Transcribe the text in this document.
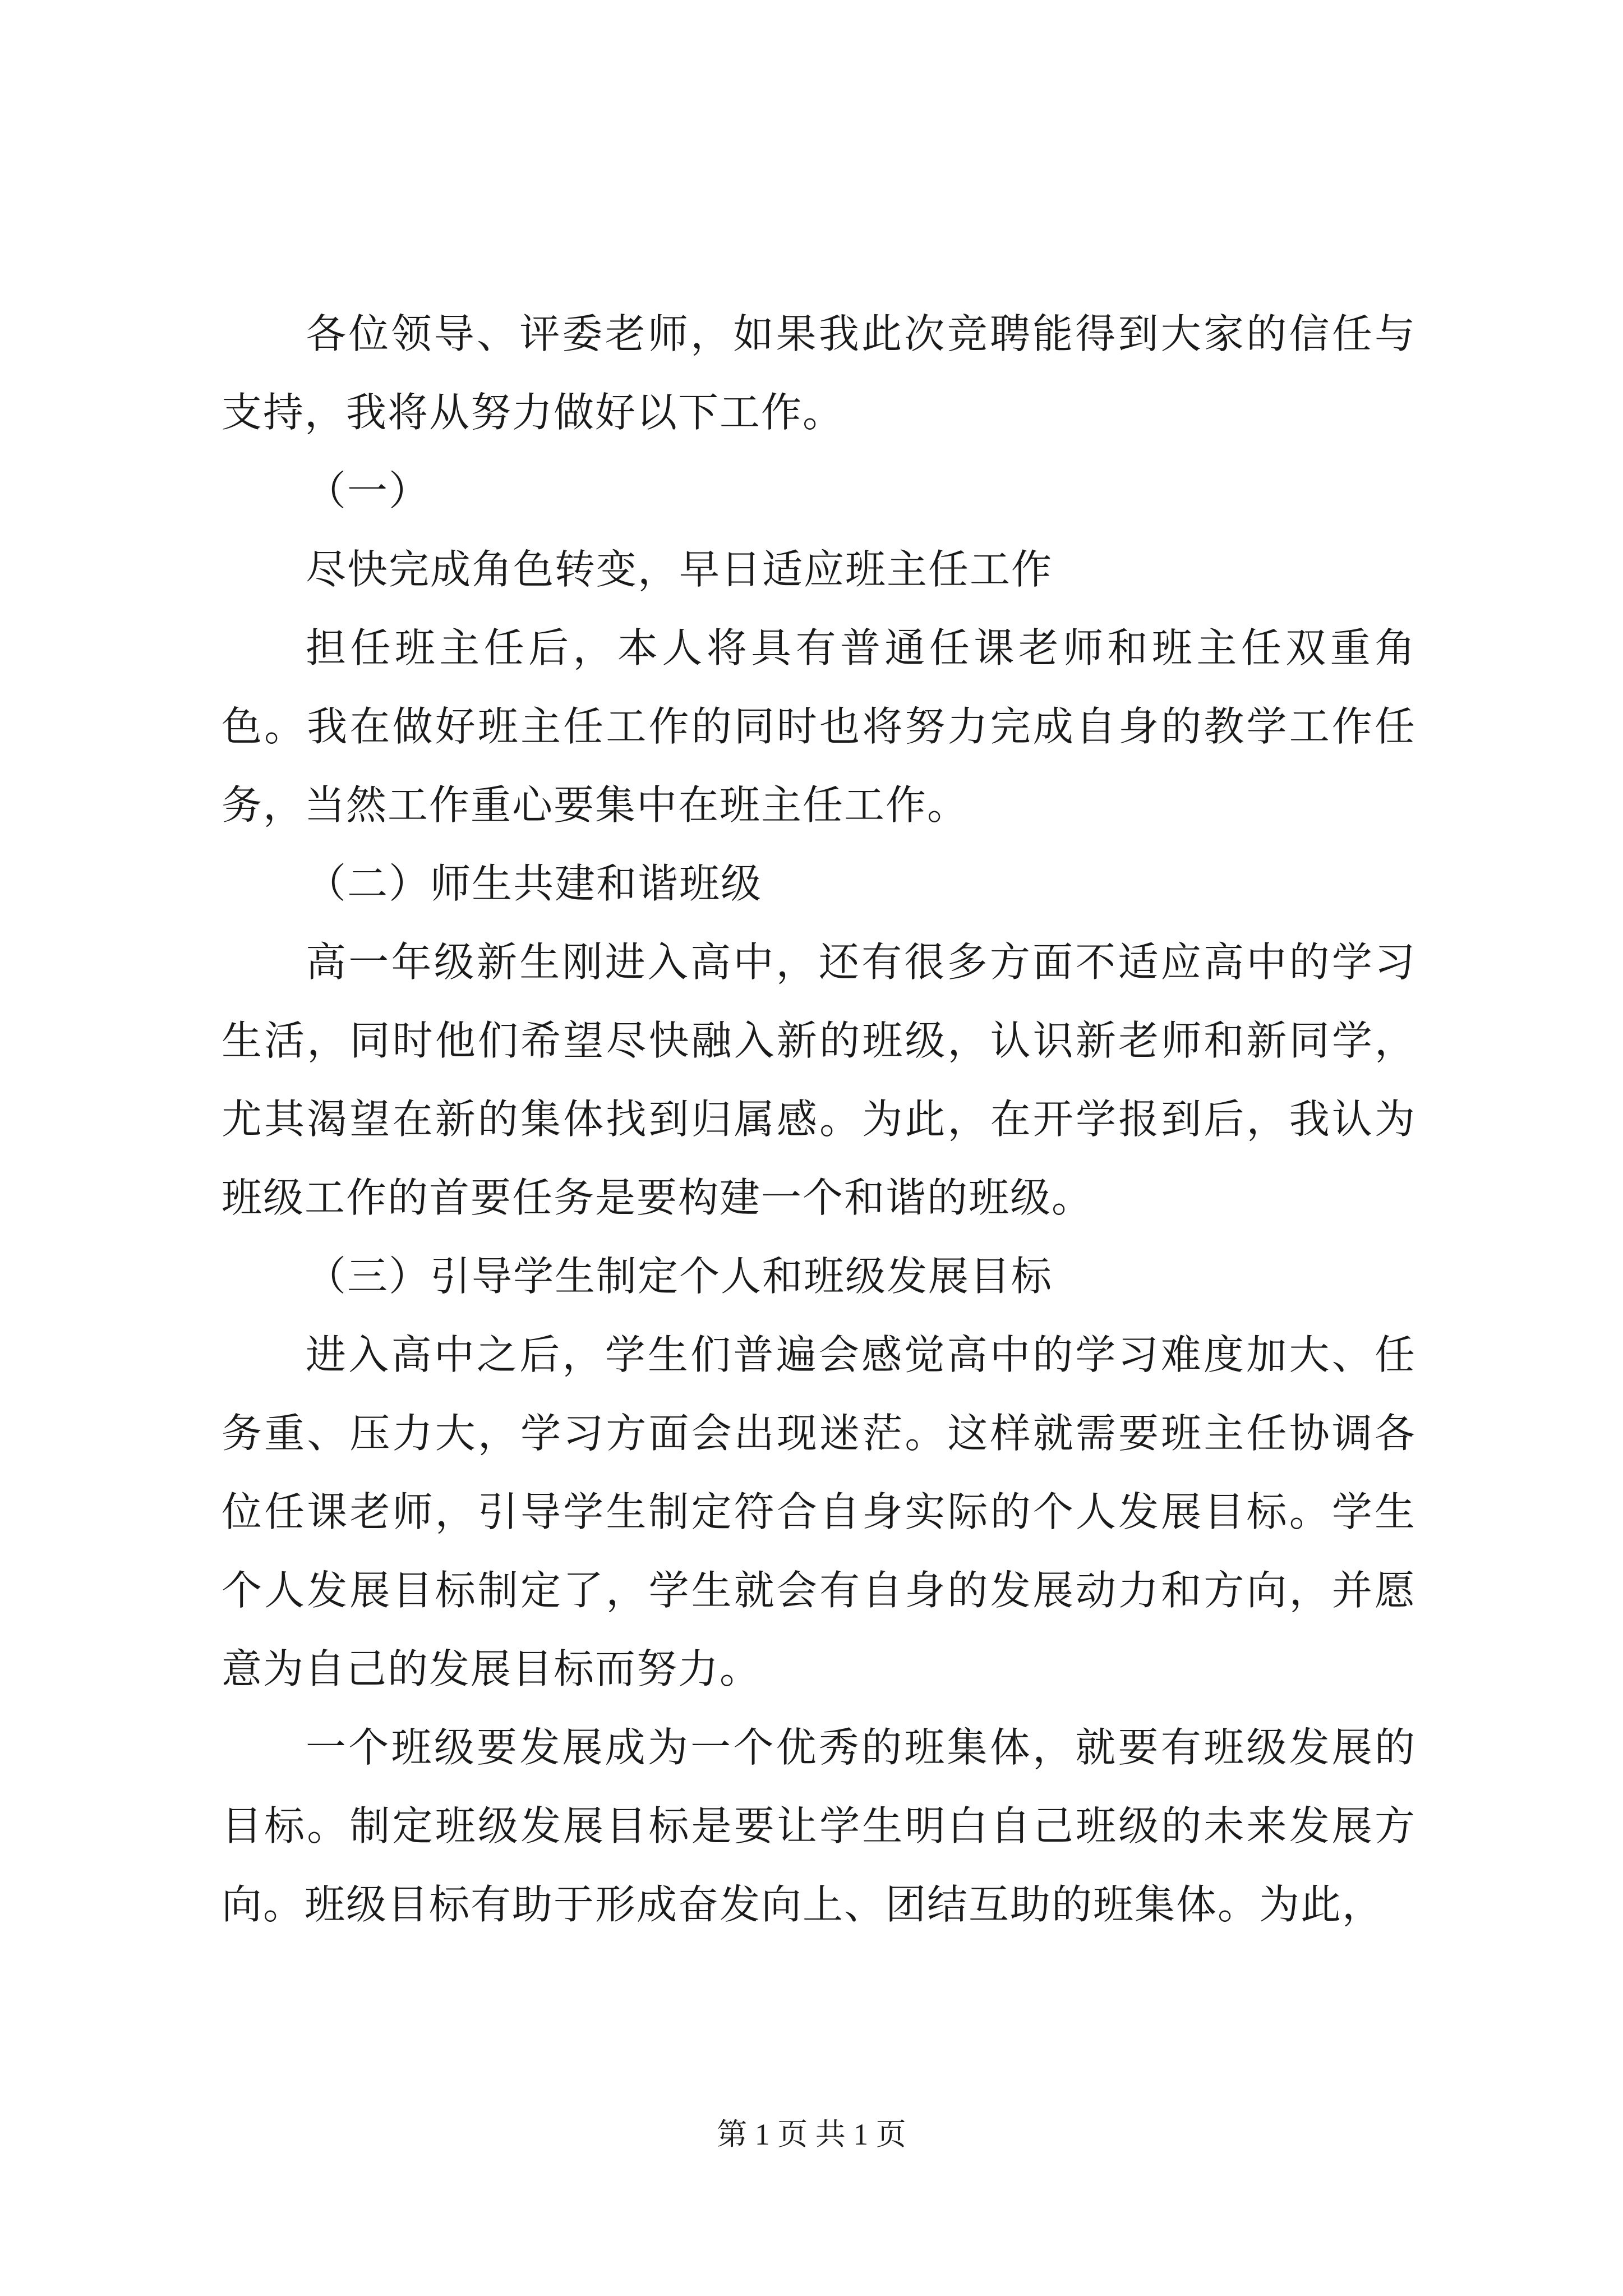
各位领导、评委老师，如果我此次竞聘能得到大家的信任与支持，我将从努力做好以下工作。

（一）

尽快完成角色转变，早日适应班主任工作

担任班主任后，本人将具有普通任课老师和班主任双重角色。我在做好班主任工作的同时也将努力完成自身的教学工作任务，当然工作重心要集中在班主任工作。

（二）师生共建和谐班级

高一年级新生刚进入高中，还有很多方面不适应高中的学习生活，同时他们希望尽快融入新的班级，认识新老师和新同学，尤其渴望在新的集体找到归属感。为此，在开学报到后，我认为班级工作的首要任务是要构建一个和谐的班级。

（三）引导学生制定个人和班级发展目标

进入高中之后，学生们普遍会感觉高中的学习难度加大、任务重、压力大，学习方面会出现迷茫。这样就需要班主任协调各位任课老师，引导学生制定符合自身实际的个人发展目标。学生个人发展目标制定了，学生就会有自身的发展动力和方向，并愿意为自己的发展目标而努力。

一个班级要发展成为一个优秀的班集体，就要有班级发展的目标。制定班级发展目标是要让学生明白自己班级的未来发展方向。班级目标有助于形成奋发向上、团结互助的班集体。为此，

第 1 页 共 1 页
